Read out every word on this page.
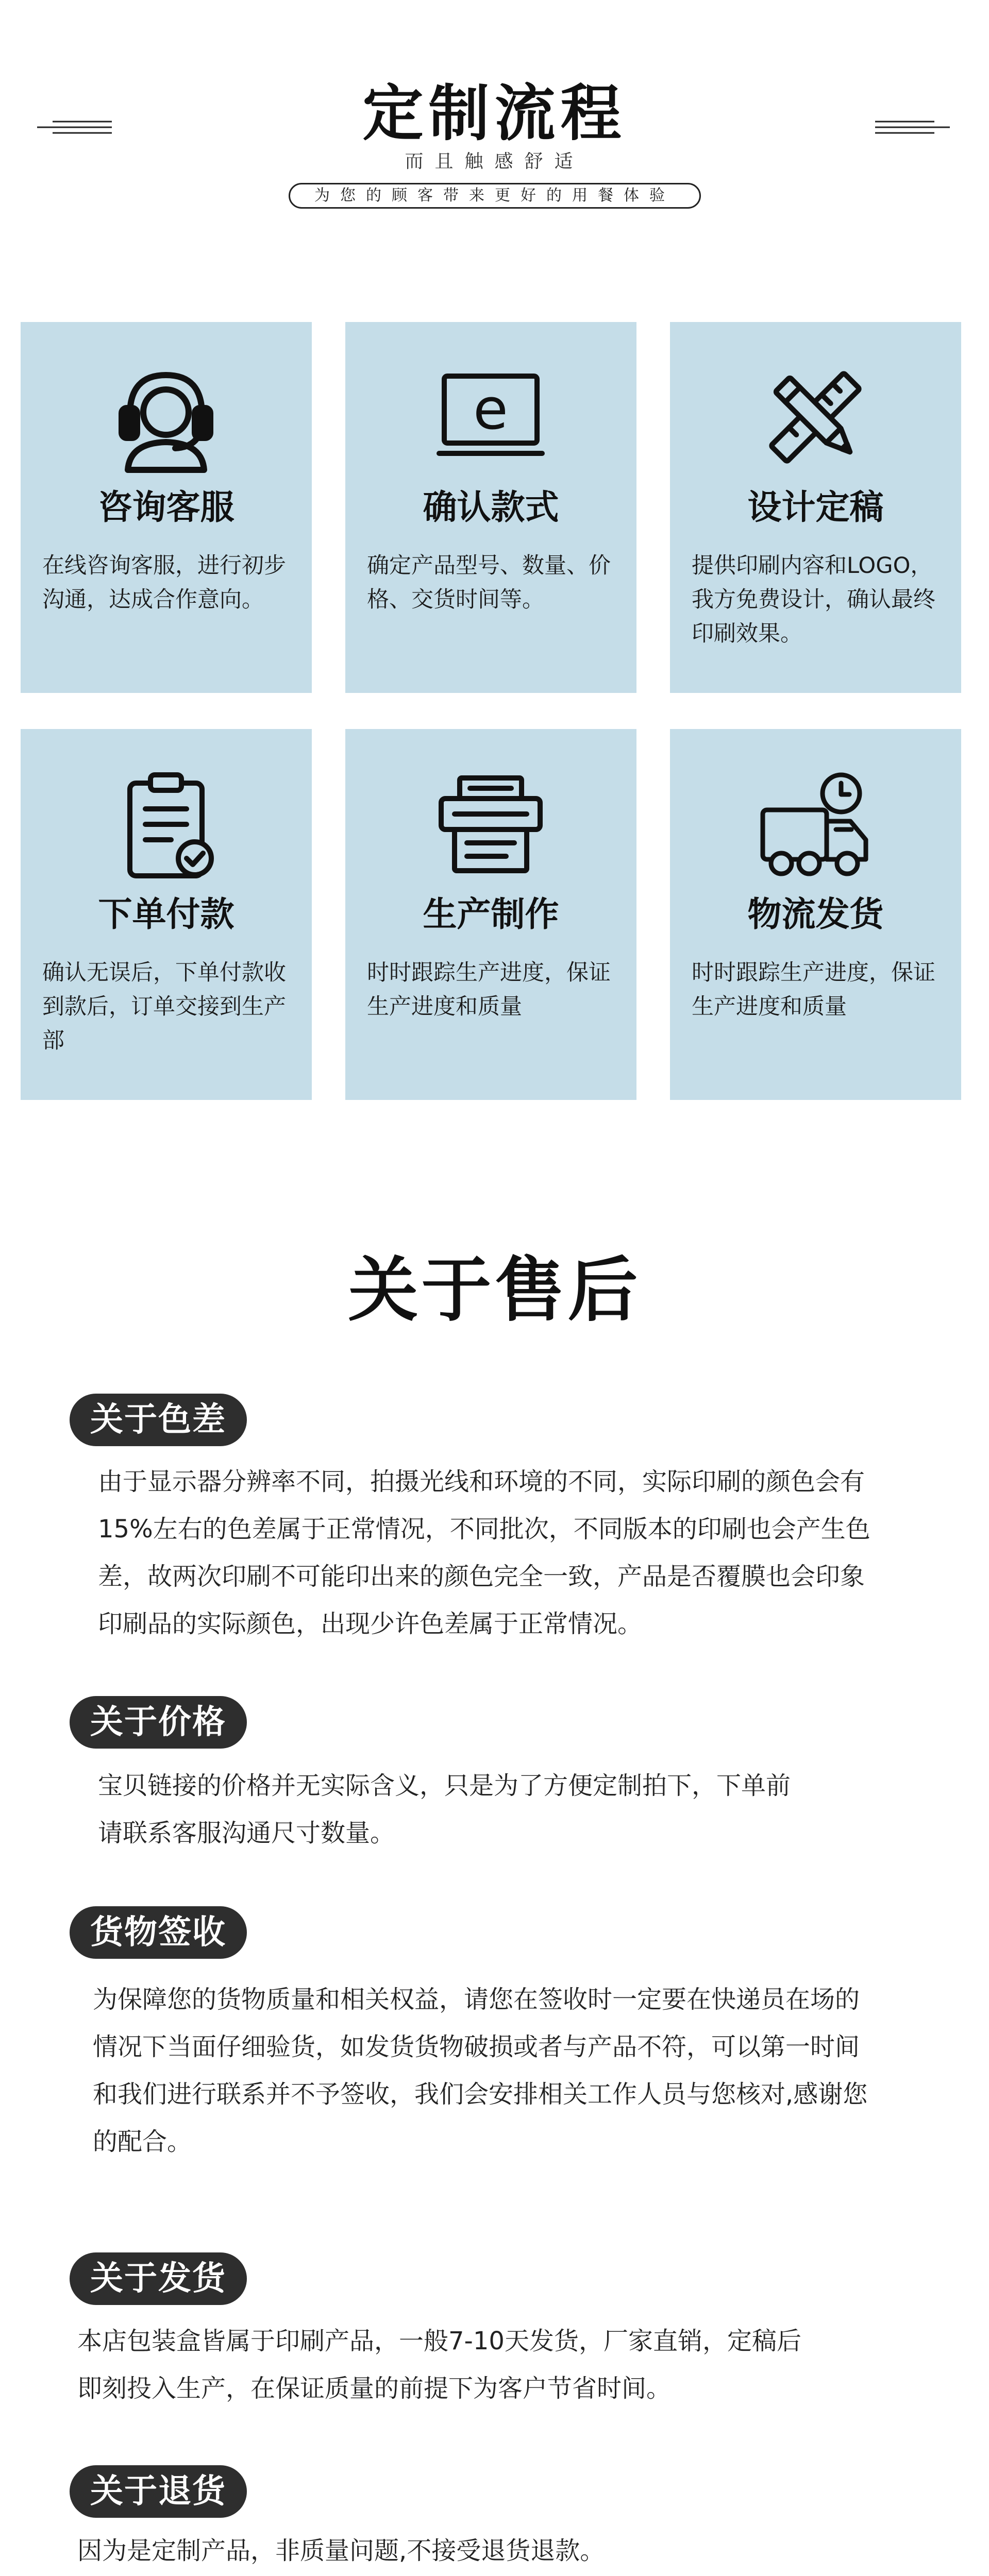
定制流程
而且触感舒适
为您的顾客带来更好的用餐体验
咨询客服
在线咨询客服，进行初步沟通，达成合作意向。
e
确认款式
确定产品型号、数量、价格、交货时间等。
设计定稿
提供印刷内容和LOGO，我方免费设计，确认最终印刷效果。
下单付款
确认无误后，下单付款收到款后，订单交接到生产部
生产制作
时时跟踪生产进度，保证生产进度和质量
物流发货
时时跟踪生产进度，保证生产进度和质量
关于售后
关于色差
由于显示器分辨率不同，拍摄光线和环境的不同，实际印刷的颜色会有
15%左右的色差属于正常情况，不同批次，不同版本的印刷也会产生色
差，故两次印刷不可能印出来的颜色完全一致，产品是否覆膜也会印象
印刷品的实际颜色，出现少许色差属于正常情况。
关于价格
宝贝链接的价格并无实际含义，只是为了方便定制拍下，下单前
请联系客服沟通尺寸数量。
货物签收
为保障您的货物质量和相关权益，请您在签收时一定要在快递员在场的
情况下当面仔细验货，如发货货物破损或者与产品不符，可以第一时间
和我们进行联系并不予签收，我们会安排相关工作人员与您核对,感谢您
的配合。
关于发货
本店包装盒皆属于印刷产品，一般7-10天发货，厂家直销，定稿后
即刻投入生产，在保证质量的前提下为客户节省时间。
关于退货
因为是定制产品，非质量问题,不接受退货退款。
